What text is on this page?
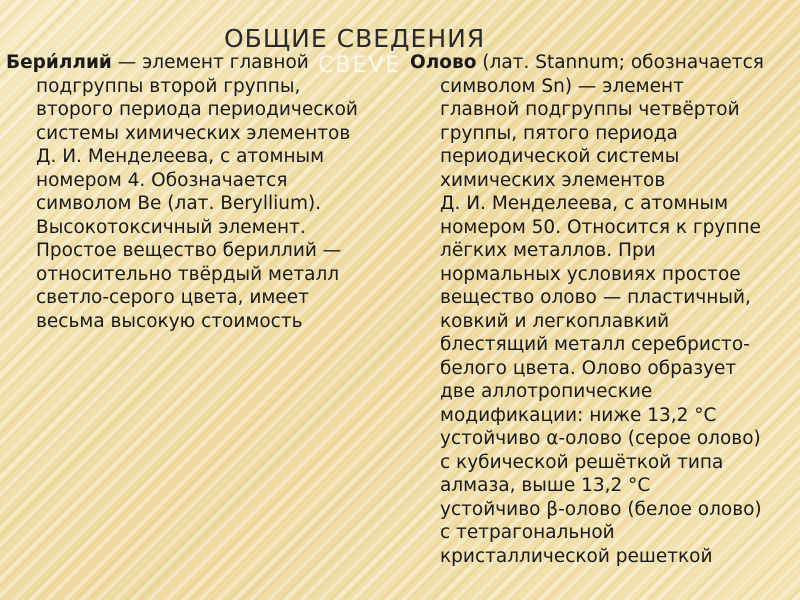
CBEVE
ОБЩИЕ СВЕДЕНИЯ
Бери́ллий — элемент главной
подгруппы второй группы,
второго периода периодической
системы химических элементов
Д. И. Менделеева, с атомным
номером 4. Обозначается
символом Be (лат. Beryllium).
Высокотоксичный элемент.
Простое вещество бериллий —
относительно твёрдый металл
светло-серого цвета, имеет
весьма высокую стоимость
Олово (лат. Stannum; обозначается
символом Sn) — элемент
главной подгруппы четвёртой
группы, пятого периода
периодической системы
химических элементов
Д. И. Менделеева, с атомным
номером 50. Относится к группе
лёгких металлов. При
нормальных условиях простое
вещество олово — пластичный,
ковкий и легкоплавкий
блестящий металл серебристо-
белого цвета. Олово образует
две аллотропические
модификации: ниже 13,2 °C
устойчиво α-олово (серое олово)
с кубической решёткой типа
алмаза, выше 13,2 °C
устойчиво β-олово (белое олово)
с тетрагональной
кристаллической решеткой
